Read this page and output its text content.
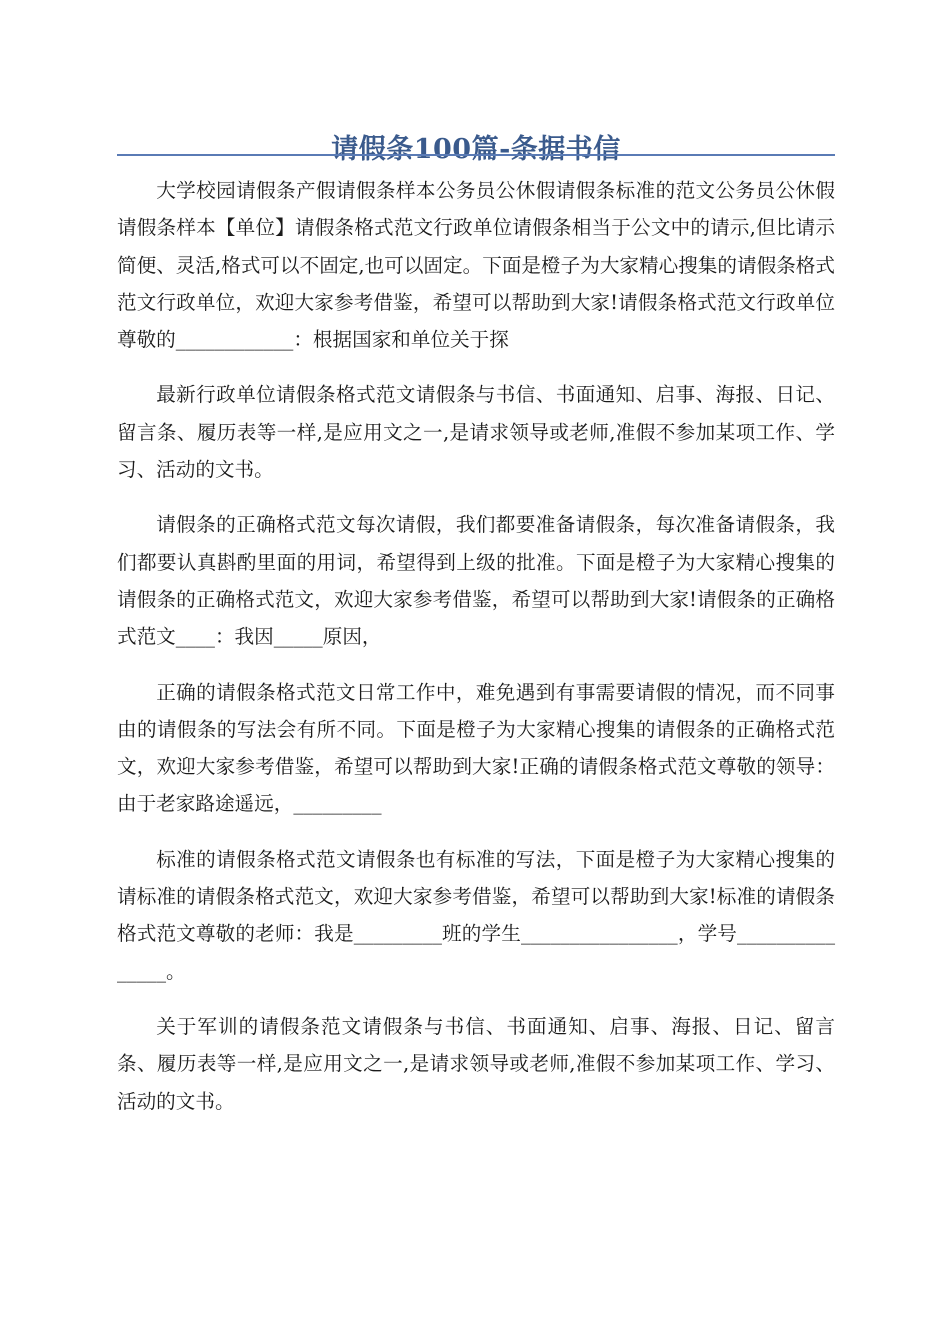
请假条100篇-条据书信

大学校园请假条产假请假条样本公务员公休假请假条标准的范文公务员公休假请假条样本【单位】请假条格式范文行政单位请假条相当于公文中的请示,但比请示简便、灵活,格式可以不固定,也可以固定。下面是橙子为大家精心搜集的请假条格式范文行政单位，欢迎大家参考借鉴，希望可以帮助到大家!请假条格式范文行政单位尊敬的____________：根据国家和单位关于探

最新行政单位请假条格式范文请假条与书信、书面通知、启事、海报、日记、留言条、履历表等一样,是应用文之一,是请求领导或老师,准假不参加某项工作、学习、活动的文书。

请假条的正确格式范文每次请假，我们都要准备请假条，每次准备请假条，我们都要认真斟酌里面的用词，希望得到上级的批准。下面是橙子为大家精心搜集的请假条的正确格式范文，欢迎大家参考借鉴，希望可以帮助到大家!请假条的正确格式范文____：我因_____原因，

正确的请假条格式范文日常工作中，难免遇到有事需要请假的情况，而不同事由的请假条的写法会有所不同。下面是橙子为大家精心搜集的请假条的正确格式范文，欢迎大家参考借鉴，希望可以帮助到大家!正确的请假条格式范文尊敬的领导：由于老家路途遥远，_________

标准的请假条格式范文请假条也有标准的写法，下面是橙子为大家精心搜集的请标准的请假条格式范文，欢迎大家参考借鉴，希望可以帮助到大家!标准的请假条格式范文尊敬的老师：我是_________班的学生________________，学号_______________。

关于军训的请假条范文请假条与书信、书面通知、启事、海报、日记、留言条、履历表等一样,是应用文之一,是请求领导或老师,准假不参加某项工作、学习、活动的文书。
